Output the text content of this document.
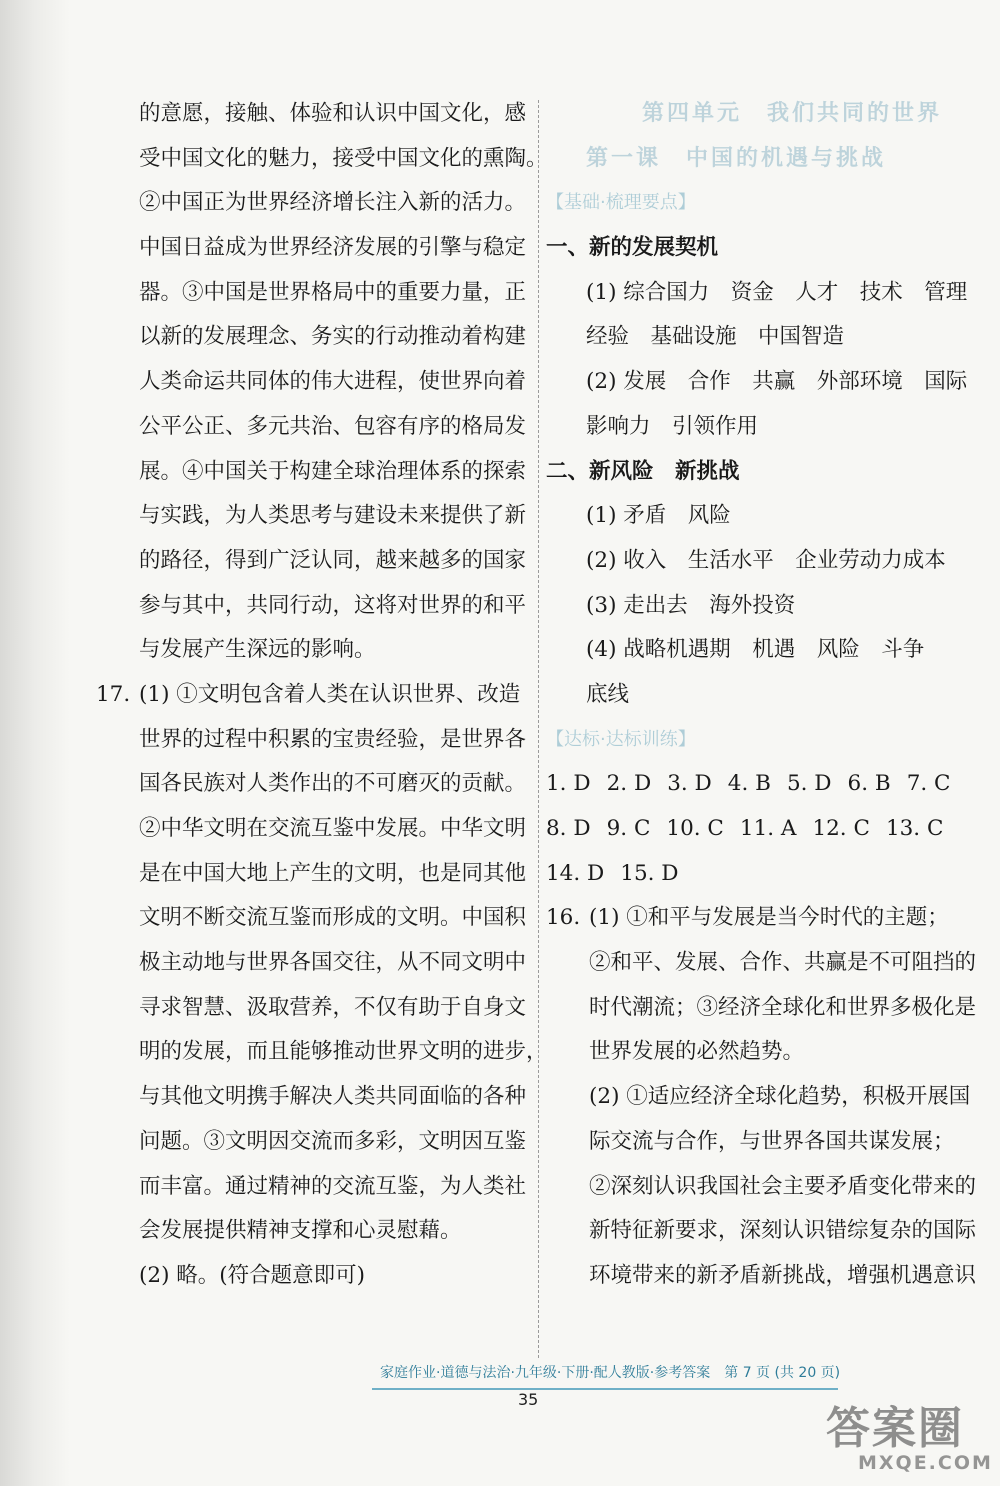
的意愿，接触、体验和认识中国文化，感
受中国文化的魅力，接受中国文化的熏陶。
②中国正为世界经济增长注入新的活力。
中国日益成为世界经济发展的引擎与稳定
器。③中国是世界格局中的重要力量，正
以新的发展理念、务实的行动推动着构建
人类命运共同体的伟大进程，使世界向着
公平公正、多元共治、包容有序的格局发
展。④中国关于构建全球治理体系的探索
与实践，为人类思考与建设未来提供了新
的路径，得到广泛认同，越来越多的国家
参与其中，共同行动，这将对世界的和平
与发展产生深远的影响。
17. (1) ①文明包含着人类在认识世界、改造
世界的过程中积累的宝贵经验，是世界各
国各民族对人类作出的不可磨灭的贡献。
②中华文明在交流互鉴中发展。中华文明
是在中国大地上产生的文明，也是同其他
文明不断交流互鉴而形成的文明。中国积
极主动地与世界各国交往，从不同文明中
寻求智慧、汲取营养，不仅有助于自身文
明的发展，而且能够推动世界文明的进步，
与其他文明携手解决人类共同面临的各种
问题。③文明因交流而多彩，文明因互鉴
而丰富。通过精神的交流互鉴，为人类社
会发展提供精神支撑和心灵慰藉。
(2) 略。(符合题意即可)
第四单元　我们共同的世界
第一课　中国的机遇与挑战
【基础·梳理要点】
一、新的发展契机
(1) 综合国力　资金　人才　技术　管理
经验　基础设施　中国智造
(2) 发展　合作　共赢　外部环境　国际
影响力　引领作用
二、新风险　新挑战
(1) 矛盾　风险
(2) 收入　生活水平　企业劳动力成本
(3) 走出去　海外投资
(4) 战略机遇期　机遇　风险　斗争
底线
【达标·达标训练】
1. D 2. D 3. D 4. B 5. D 6. B 7. C
8. D 9. C 10. C 11. A 12. C 13. C
14. D 15. D
16. (1) ①和平与发展是当今时代的主题；
②和平、发展、合作、共赢是不可阻挡的
时代潮流；③经济全球化和世界多极化是
世界发展的必然趋势。
(2) ①适应经济全球化趋势，积极开展国
际交流与合作，与世界各国共谋发展；
②深刻认识我国社会主要矛盾变化带来的
新特征新要求，深刻认识错综复杂的国际
环境带来的新矛盾新挑战，增强机遇意识
家庭作业·道德与法治·九年级·下册·配人教版·参考答案　第 7 页 (共 20 页)
35
答案圈
MXQE.COM
